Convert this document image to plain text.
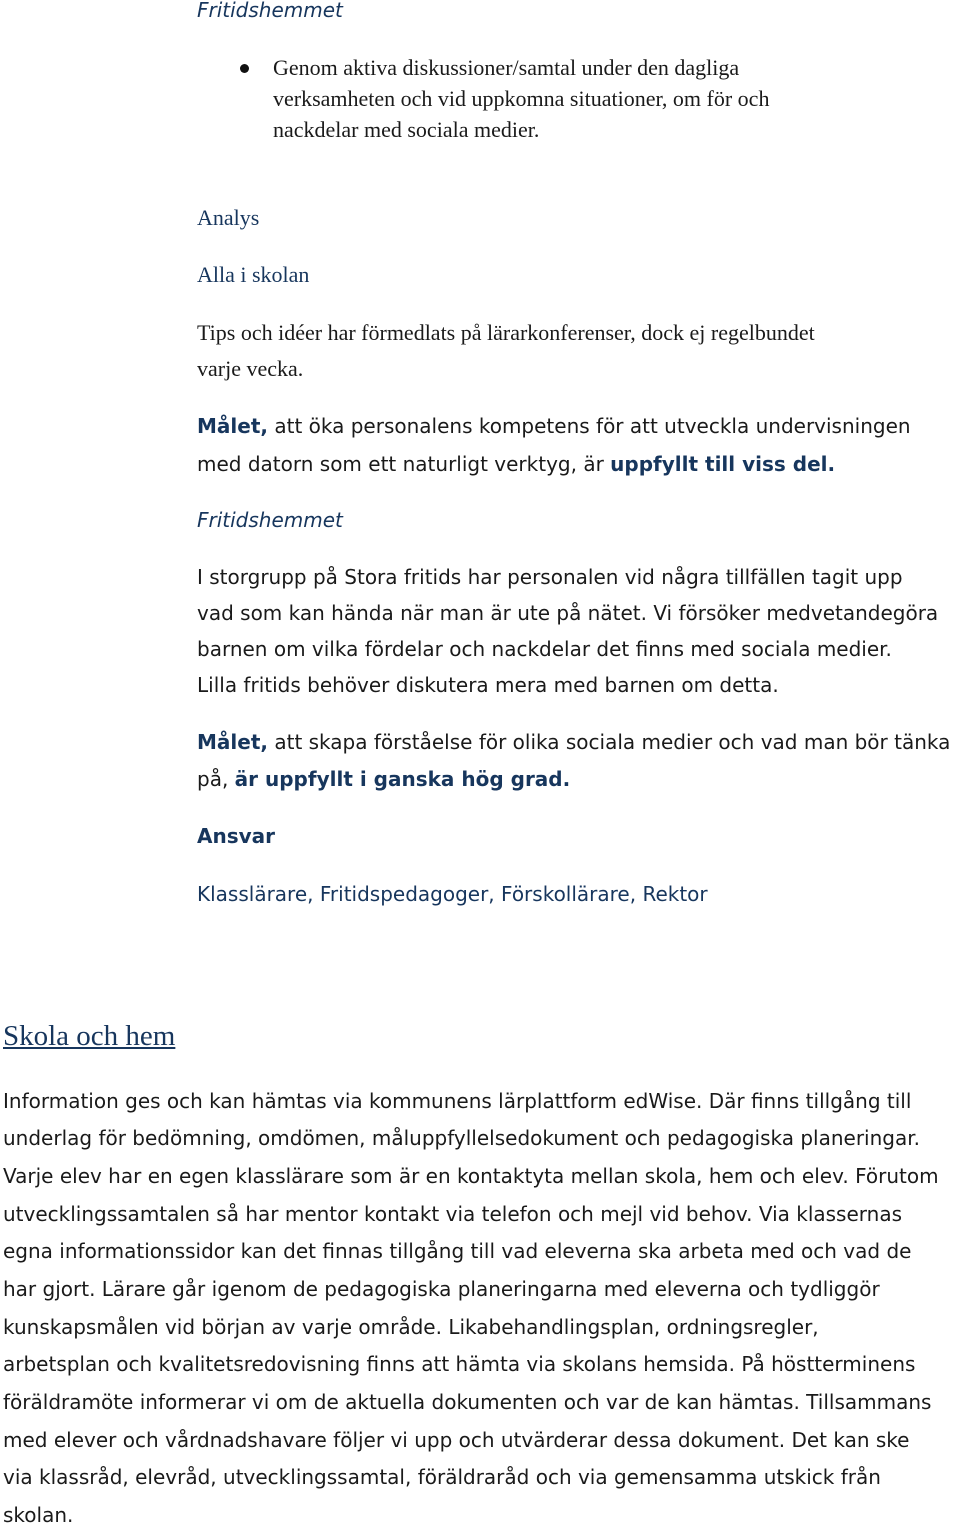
Fritidshemmet

Genom aktiva diskussioner/samtal under den dagliga

verksamheten och vid uppkomna situationer, om för och

nackdelar med sociala medier.

Analys

Alla i skolan

Tips och idéer har förmedlats på lärarkonferenser, dock ej regelbundet

varje vecka.

Målet, att öka personalens kompetens för att utveckla undervisningen

med datorn som ett naturligt verktyg, är uppfyllt till viss del.

Fritidshemmet

I storgrupp på Stora fritids har personalen vid några tillfällen tagit upp

vad som kan hända när man är ute på nätet. Vi försöker medvetandegöra

barnen om vilka fördelar och nackdelar det finns med sociala medier.

Lilla fritids behöver diskutera mera med barnen om detta.

Målet, att skapa förståelse för olika sociala medier och vad man bör tänka

på, är uppfyllt i ganska hög grad.

Ansvar

Klasslärare, Fritidspedagoger, Förskollärare, Rektor

Skola och hem

Information ges och kan hämtas via kommunens lärplattform edWise. Där finns tillgång till

underlag för bedömning, omdömen, måluppfyllelsedokument och pedagogiska planeringar.

Varje elev har en egen klasslärare som är en kontaktyta mellan skola, hem och elev. Förutom

utvecklingssamtalen så har mentor kontakt via telefon och mejl vid behov. Via klassernas

egna informationssidor kan det finnas tillgång till vad eleverna ska arbeta med och vad de

har gjort. Lärare går igenom de pedagogiska planeringarna med eleverna och tydliggör

kunskapsmålen vid början av varje område. Likabehandlingsplan, ordningsregler,

arbetsplan och kvalitetsredovisning finns att hämta via skolans hemsida. På höstterminens

föräldramöte informerar vi om de aktuella dokumenten och var de kan hämtas. Tillsammans

med elever och vårdnadshavare följer vi upp och utvärderar dessa dokument. Det kan ske

via klassråd, elevråd, utvecklingssamtal, föräldraråd och via gemensamma utskick från

skolan.
